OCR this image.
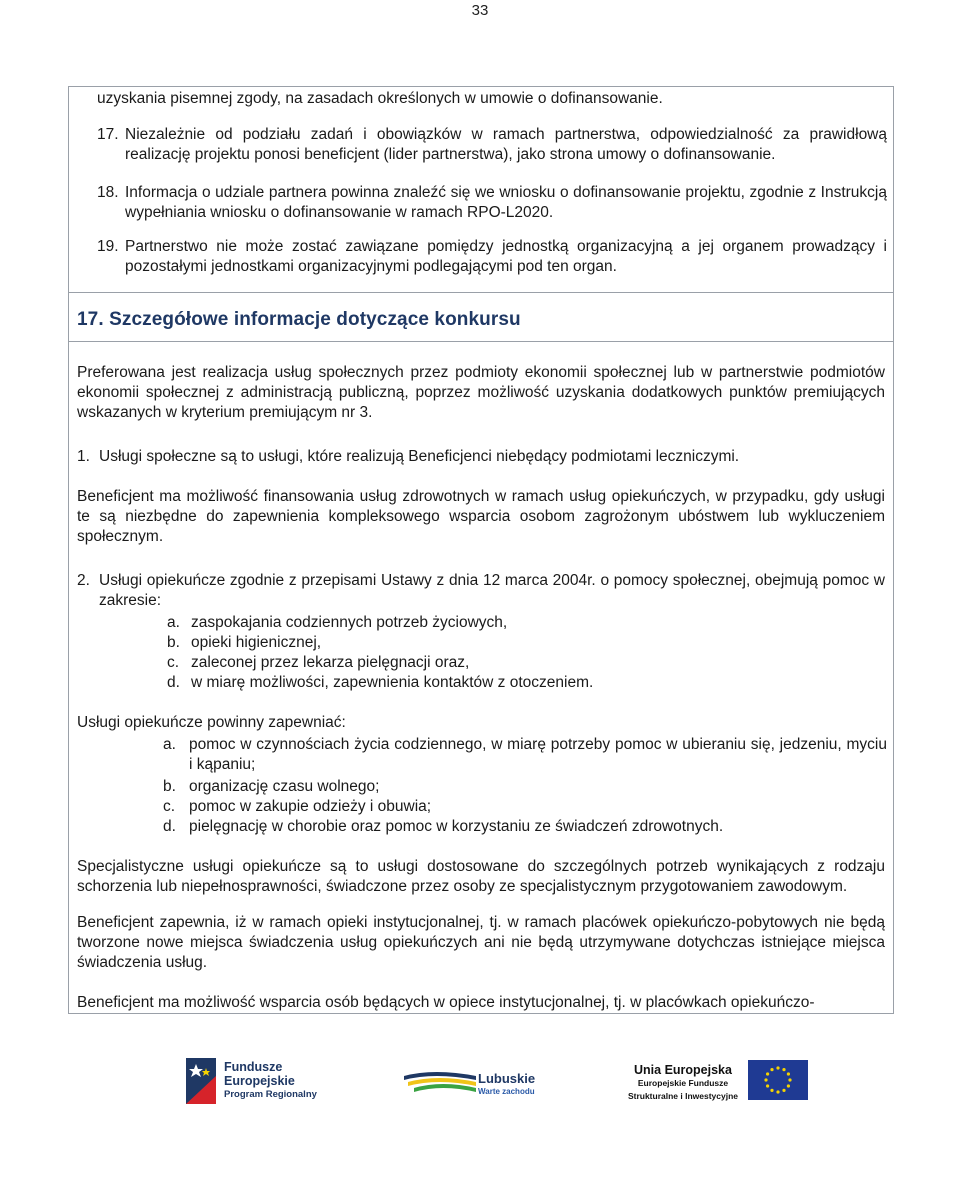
33

uzyskania pisemnej zgody, na zasadach określonych w umowie o dofinansowanie.

17. Niezależnie od podziału zadań i obowiązków w ramach partnerstwa, odpowiedzialność za prawidłową realizację projektu ponosi beneficjent (lider partnerstwa), jako strona umowy o dofinansowanie.

18. Informacja o udziale partnera powinna znaleźć się we wniosku o dofinansowanie projektu, zgodnie z Instrukcją wypełniania wniosku o dofinansowanie w ramach RPO-L2020.

19. Partnerstwo nie może zostać zawiązane pomiędzy jednostką organizacyjną a jej organem prowadzący i pozostałymi jednostkami organizacyjnymi podlegającymi pod ten organ.

17. Szczegółowe informacje dotyczące konkursu

Preferowana jest realizacja usług społecznych przez podmioty ekonomii społecznej lub w partnerstwie podmiotów ekonomii społecznej z administracją publiczną, poprzez możliwość uzyskania dodatkowych punktów premiujących wskazanych w kryterium premiującym nr 3.

1. Usługi społeczne są to usługi, które realizują Beneficjenci niebędący podmiotami leczniczymi.

Beneficjent ma możliwość finansowania usług zdrowotnych w ramach usług opiekuńczych, w przypadku, gdy usługi te są niezbędne do zapewnienia kompleksowego wsparcia osobom zagrożonym ubóstwem lub wykluczeniem społecznym.

2. Usługi opiekuńcze zgodnie z przepisami Ustawy z dnia 12 marca 2004r. o pomocy społecznej, obejmują pomoc w zakresie:

a. zaspokajania codziennych potrzeb życiowych,

b. opieki higienicznej,

c. zaleconej przez lekarza pielęgnacji oraz,

d. w miarę możliwości, zapewnienia kontaktów z otoczeniem.

Usługi opiekuńcze powinny zapewniać:

a. pomoc w czynnościach życia codziennego, w miarę potrzeby pomoc w ubieraniu się, jedzeniu, myciu i kąpaniu;

b. organizację czasu wolnego;

c. pomoc w zakupie odzieży i obuwia;

d. pielęgnację w chorobie oraz pomoc w korzystaniu ze świadczeń zdrowotnych.

Specjalistyczne usługi opiekuńcze są to usługi dostosowane do szczególnych potrzeb wynikających z rodzaju schorzenia lub niepełnosprawności, świadczone przez osoby ze specjalistycznym przygotowaniem zawodowym.

Beneficjent zapewnia, iż w ramach opieki instytucjonalnej, tj. w ramach placówek opiekuńczo-pobytowych nie będą tworzone nowe miejsca świadczenia usług opiekuńczych ani nie będą utrzymywane dotychczas istniejące miejsca świadczenia usług.

Beneficjent ma możliwość wsparcia osób będących w opiece instytucjonalnej, tj. w placówkach opiekuńczo-

Fundusze
Europejskie
Program Regionalny
Lubuskie
Warte zachodu
Unia Europejska
Europejskie Fundusze
Strukturalne i Inwestycyjne
